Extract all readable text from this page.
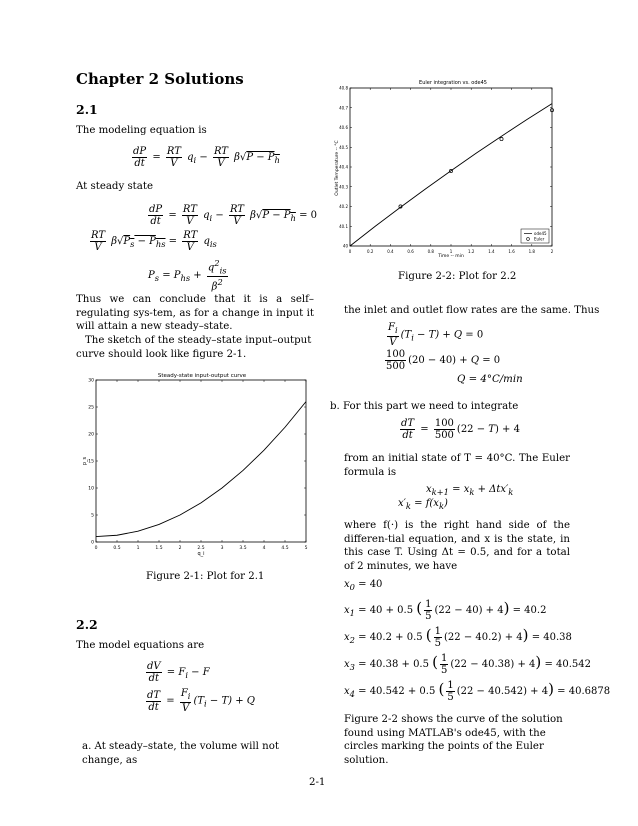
Chapter 2 Solutions
2.1
The modeling equation is
$\frac{dP}{dt} = \frac{RT}{V} q_i - \frac{RT}{V} \beta√P - P_h$
At steady state
$\frac{dP}{dt} = \frac{RT}{V} q_i - \frac{RT}{V} \beta√P - P_h = 0$
$\frac{RT}{V} \beta√P_s - P_{hs} = \frac{RT}{V} q_{is}$
$P_s = P_{hs} + \frac{q^2_{is}}{\beta^2}$
Thus we can conclude that it is a self–regulating sys-tem, as for a change in input it will attain a new steady–state.
The sketch of the steady–state input–output curve should look like figure 2-1.
Steady-state input-output curve
0	0.5	1	1.5	2	2.5	3	3.5	4	4.5	5
0
5
10
15
20
25
30
q_i
p_s
Figure 2-1: Plot for 2.1
2.2
The model equations are
$\frac{dV}{dt} = F_i - F$
$\frac{dT}{dt} = \frac{F_i}{V} (T_i - T) + Q$
a. At steady–state, the volume will not change, as
Euler integration vs. ode45
0	0.2	0.4	0.6	0.8	1	1.2	1.4	1.6	1.8	2
40
40.1
40.2
40.3
40.4
40.5
40.6
40.7
40.8
Time -- min
Outlet Temperature -- °C
ode45
Euler
Figure 2-2: Plot for 2.2
the inlet and outlet flow rates are the same. Thus
$\frac{F_i}{V} (T_i - T) + Q = 0$
$\frac{100}{500} (20 - 40) + Q = 0$
Q = 4°C/min
b. For this part we need to integrate
$\frac{dT}{dt} = \frac{100}{500} (22 - T) + 4$
from an initial state of T = 40°C. The Euler formula is
$x_{k+1} = x_k + \Delta tx'_k$
$x'_k = f(x_k)$
where f(·) is the right hand side of the differen-tial equation, and x is the state, in this case T. Using Δt = 0.5, and for a total of 2 minutes, we have
$x_0 = 40$
$x_1 = 40 + 0.5$ ( $\frac{1}{5} (22 - 40) + 4) = 40.2$
$x_2 = 40.2 + 0.5$ ( $\frac{1}{5} (22 - 40.2) + 4) = 40.38$
$x_3 = 40.38 + 0.5$ ( $\frac{1}{5} (22 - 40.38) + 4) = 40.542$
$x_4 = 40.542 + 0.5$ ( $\frac{1}{5} (22 - 40.542) + 4) = 40.6878$
Figure 2-2 shows the curve of the solution found using MATLAB's ode45, with the circles marking the points of the Euler solution.
2-1
